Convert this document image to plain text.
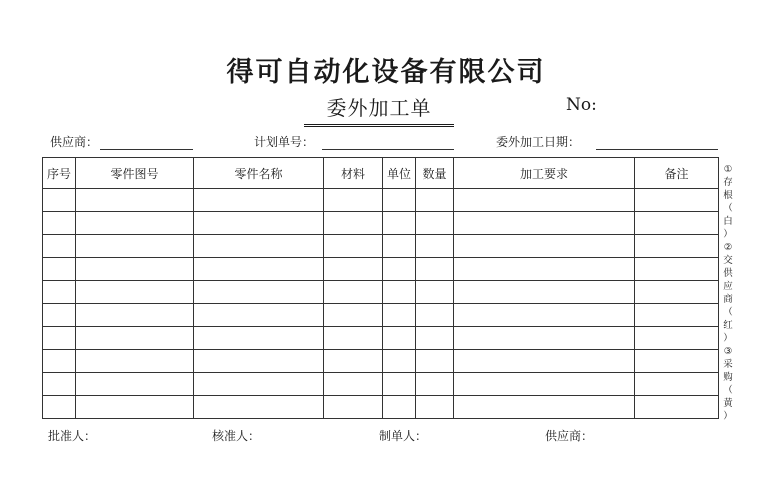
得可自动化设备有限公司
委外加工单	No:
供应商：	计划单号：	委外加工日期：
序号	零件图号	零件名称	材料	单位	数量	加工要求	备注

								①
存
根
（
白
）
②
交
供
应
商
（
红
）
③
采
购
（
黄
）
批准人：	核准人：	制单人：	供应商：
